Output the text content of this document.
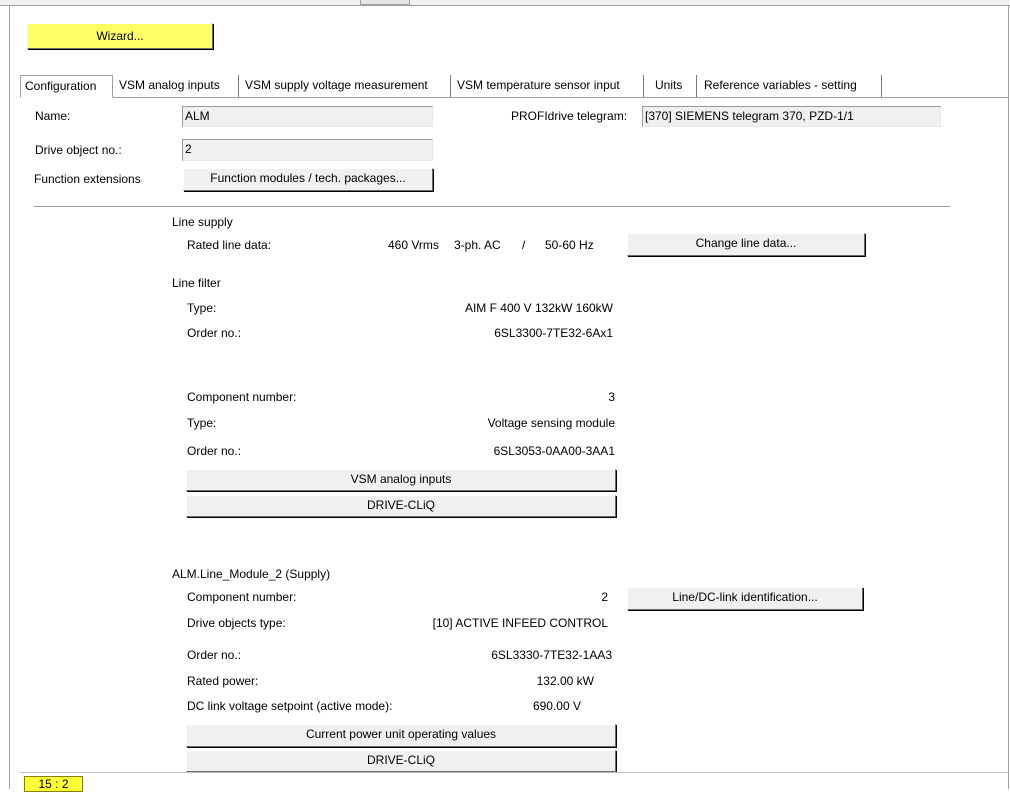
Wizard...
Configuration	VSM analog inputs	VSM supply voltage measurement	VSM temperature sensor input	Units	Reference variables - setting
Name:	ALM	PROFIdrive telegram: [370] SIEMENS telegram 370, PZD-1/1
Drive object no.:	2
Function extensions	Function modules / tech. packages...
Line supply
Rated line data:	460 Vrms 3-ph. AC / 50-60 Hz	Change line data...
Line filter
Type:	AIM F 400 V 132kW 160kW
Order no.:	6SL3300-7TE32-6Ax1
Component number:	3
Type:	Voltage sensing module
Order no.:	6SL3053-0AA00-3AA1
VSM analog inputs
DRIVE-CLiQ
ALM.Line_Module_2 (Supply)
Component number:	2	Line/DC-link identification...
Drive objects type:	[10] ACTIVE INFEED CONTROL
Order no.:	6SL3330-7TE32-1AA3
Rated power:	132.00 kW
DC link voltage setpoint (active mode):	690.00 V
Current power unit operating values
DRIVE-CLiQ
15 : 2
